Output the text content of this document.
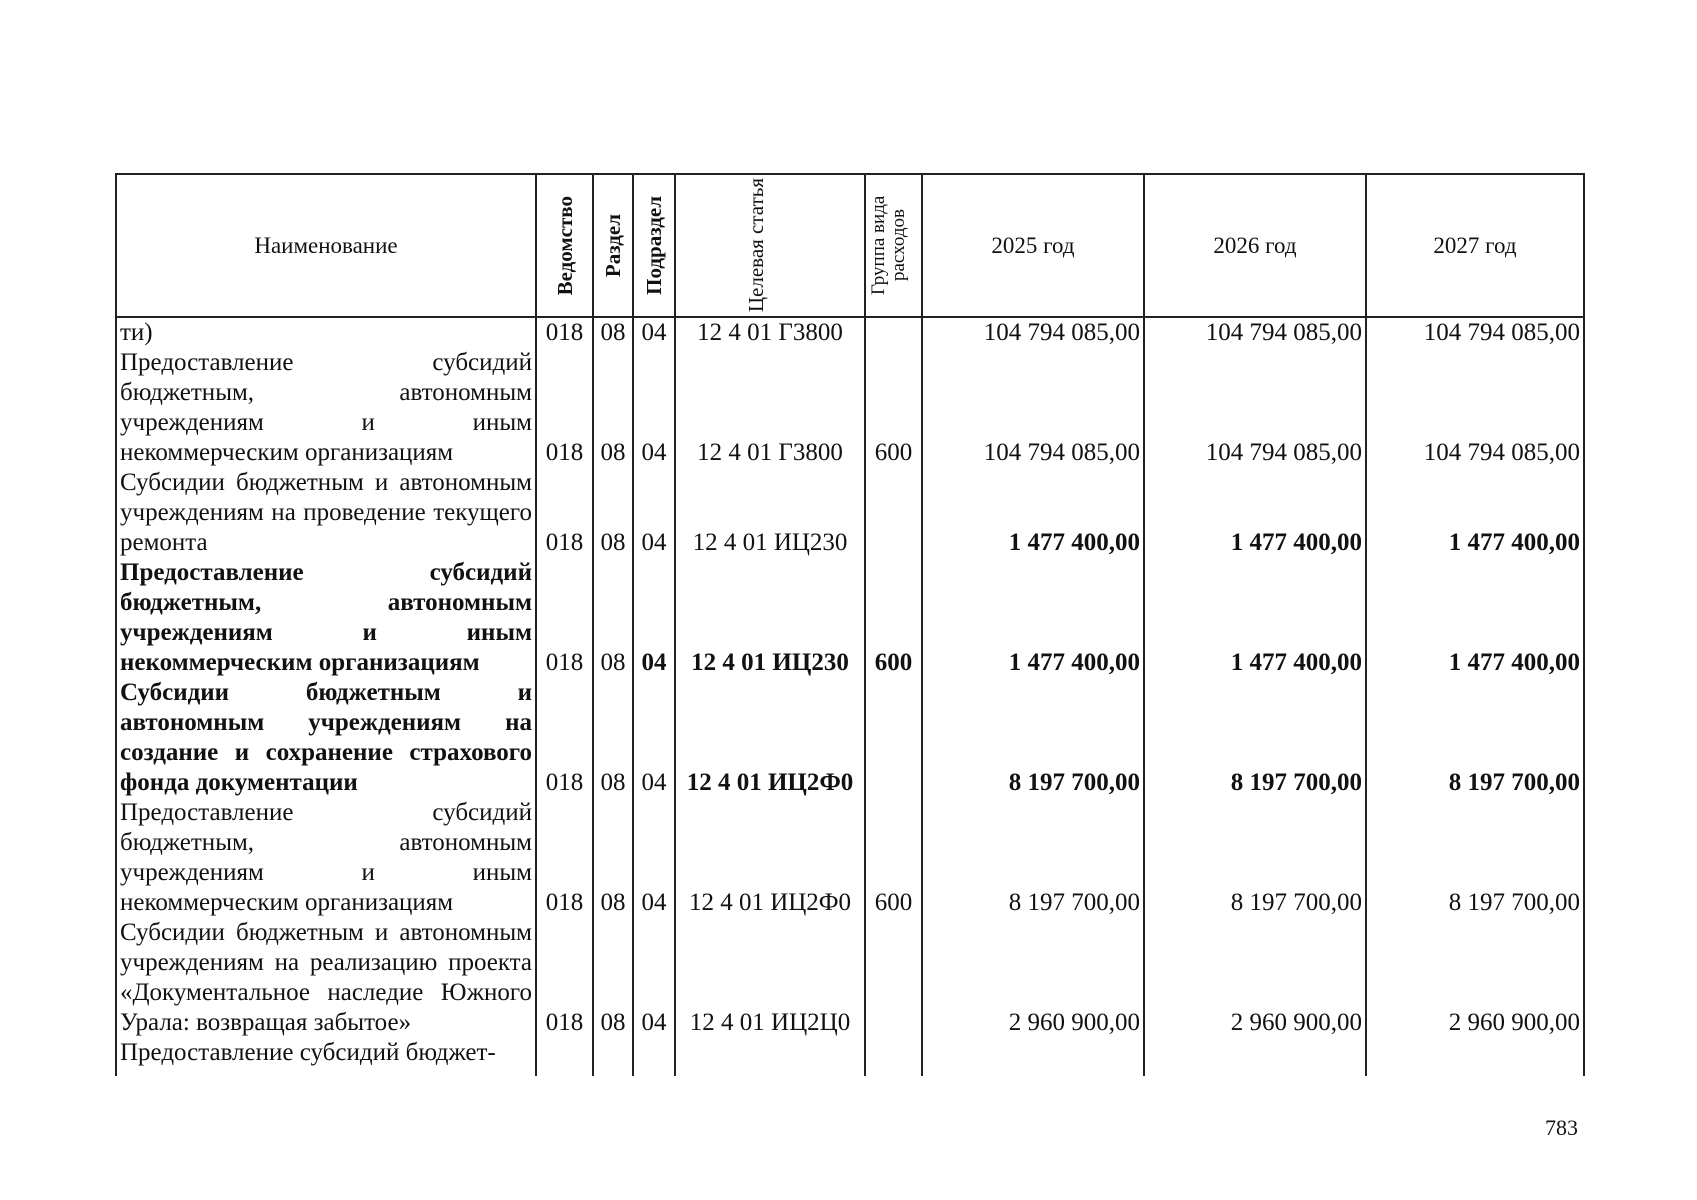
Наименование	Ведомство	Раздел	Подраздел	Целевая статья	Группа вида расходов	2025 год	2026 год	2027 год
ти)	018	08	04	12 4 01 Г3800		104 794 085,00	104 794 085,00	104 794 085,00
Предоставление субсидий бюджетным, автономным учреждениям и иным некоммерческим организациям	018	08	04	12 4 01 Г3800	600	104 794 085,00	104 794 085,00	104 794 085,00
Субсидии бюджетным и автономным учреждениям на проведение текущего ремонта	018	08	04	12 4 01 ИЦ230		1 477 400,00	1 477 400,00	1 477 400,00
Предоставление субсидий бюджетным, автономным учреждениям и иным некоммерческим организациям	018	08	04	12 4 01 ИЦ230	600	1 477 400,00	1 477 400,00	1 477 400,00
Субсидии бюджетным и автономным учреждениям на создание и сохранение страхового фонда документации	018	08	04	12 4 01 ИЦ2Ф0		8 197 700,00	8 197 700,00	8 197 700,00
Предоставление субсидий бюджетным, автономным учреждениям и иным некоммерческим организациям	018	08	04	12 4 01 ИЦ2Ф0	600	8 197 700,00	8 197 700,00	8 197 700,00
Субсидии бюджетным и автономным учреждениям на реализацию проекта «Документальное наследие Южного Урала: возвращая забытое»	018	08	04	12 4 01 ИЦ2Ц0		2 960 900,00	2 960 900,00	2 960 900,00
Предоставление субсидий бюджет-								
783
